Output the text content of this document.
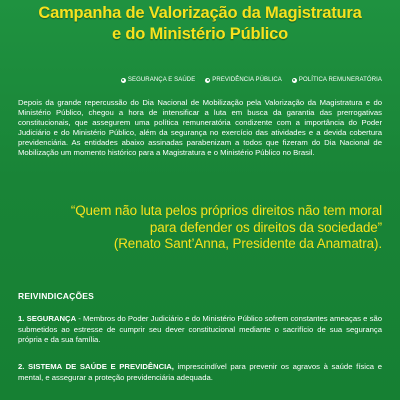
Campanha de Valorização da Magistratura
e do Ministério Público
SEGURANÇA E SAÚDE	PREVIDÊNCIA PÚBLICA	POLÍTICA REMUNERATÓRIA

Depois da grande repercussão do Dia Nacional de Mobilização pela Valorização da Magistratura e do Ministério Público, chegou a hora de intensificar a luta em busca da garantia das prerrogativas constitucionais, que assegurem uma política remuneratória condizente com a importância do Poder Judiciário e do Ministério Público, além da segurança no exercício das atividades e a devida cobertura previdenciária. As entidades abaixo assinadas parabenizam a todos que fizeram do Dia Nacional de Mobilização um momento histórico para a Magistratura e o Ministério Público no Brasil.

“Quem não luta pelos próprios direitos não tem moral
para defender os direitos da sociedade”
(Renato Sant’Anna, Presidente da Anamatra).
REIVINDICAÇÕES

1. SEGURANÇA - Membros do Poder Judiciário e do Ministério Público sofrem constantes ameaças e são submetidos ao estresse de cumprir seu dever constitucional mediante o sacrifício de sua segurança própria e da sua família.

2. SISTEMA DE SAÚDE E PREVIDÊNCIA, imprescindível para prevenir os agravos à saúde física e mental, e assegurar a proteção previdenciária adequada.
